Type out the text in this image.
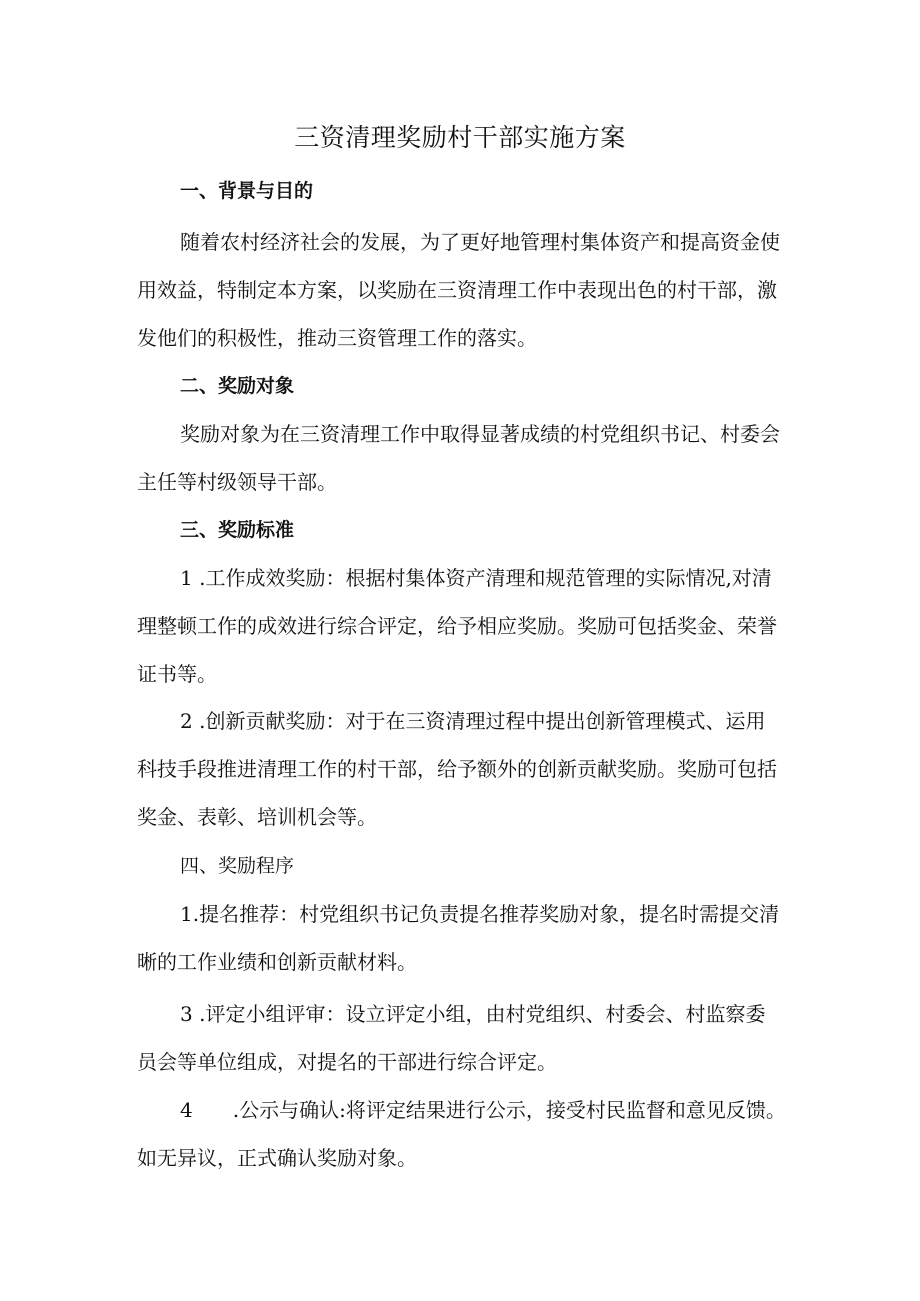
三资清理奖励村干部实施方案
一、背景与目的
随着农村经济社会的发展，为了更好地管理村集体资产和提高资金使
用效益，特制定本方案，以奖励在三资清理工作中表现出色的村干部，激
发他们的积极性，推动三资管理工作的落实。
二、奖励对象
奖励对象为在三资清理工作中取得显著成绩的村党组织书记、村委会
主任等村级领导干部。
三、奖励标准
1 .工作成效奖励：根据村集体资产清理和规范管理的实际情况,对清
理整顿工作的成效进行综合评定，给予相应奖励。奖励可包括奖金、荣誉
证书等。
2 .创新贡献奖励：对于在三资清理过程中提出创新管理模式、运用
科技手段推进清理工作的村干部，给予额外的创新贡献奖励。奖励可包括
奖金、表彰、培训机会等。
四、奖励程序
1.提名推荐：村党组织书记负责提名推荐奖励对象，提名时需提交清
晰的工作业绩和创新贡献材料。
3 .评定小组评审：设立评定小组，由村党组织、村委会、村监察委
员会等单位组成，对提名的干部进行综合评定。
4　　.公示与确认:将评定结果进行公示，接受村民监督和意见反馈。
如无异议，正式确认奖励对象。
